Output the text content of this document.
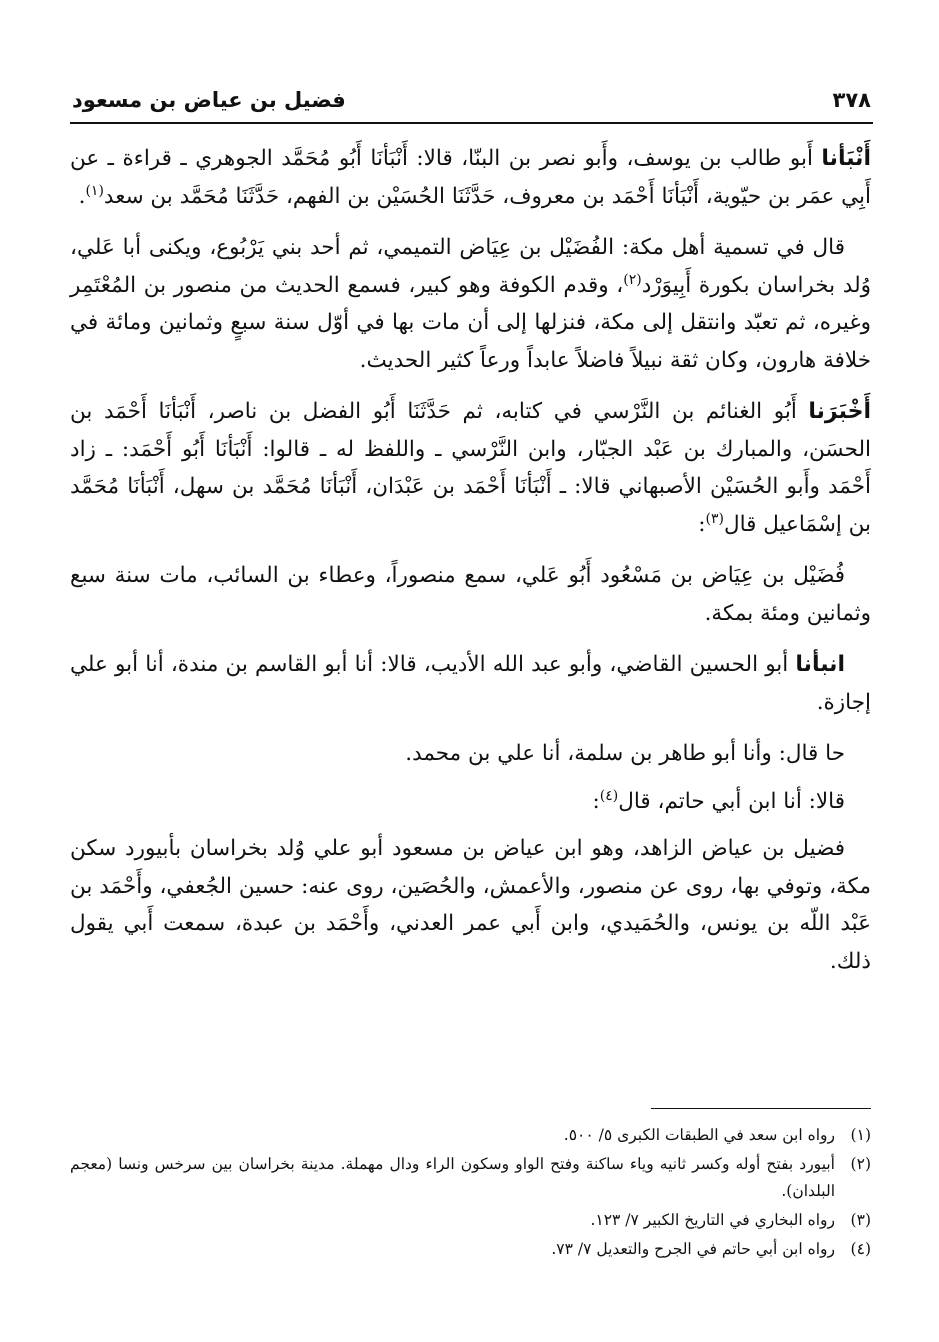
٣٧٨
فضيل بن عياض بن مسعود

أَنْبَأنا أَبو طالب بن يوسف، وأَبو نصر بن البنّا، قالا: أَنْبَأنَا أَبُو مُحَمَّد الجوهري ـ قراءة ـ عن أَبِي عمَر بن حيّوية، أَنْبَأنَا أَحْمَد بن معروف، حَدَّثَنَا الحُسَيْن بن الفهم، حَدَّثَنَا مُحَمَّد بن سعد$^{(١)}$.

قال في تسمية أهل مكة: الفُضَيْل بن عِيَاض التميمي، ثم أحد بني يَرْبُوع، ويكنى أبا عَلي، وُلد بخراسان بكورة أَبِيوَرْد$^{(٢)}$، وقدم الكوفة وهو كبير، فسمع الحديث من منصور بن المُعْتَمِر وغيره، ثم تعبّد وانتقل إلى مكة، فنزلها إلى أن مات بها في أوّل سنة سبعٍ وثمانين ومائة في خلافة هارون، وكان ثقة نبيلاً فاضلاً عابداً ورعاً كثير الحديث.

أَخْبَرَنا أَبُو الغنائم بن النَّرْسي في كتابه، ثم حَدَّثَنَا أَبُو الفضل بن ناصر، أَنْبَأنَا أَحْمَد بن الحسَن، والمبارك بن عَبْد الجبّار، وابن النَّرْسي ـ واللفظ له ـ قالوا: أَنْبَأنَا أَبُو أَحْمَد: ـ زاد أَحْمَد وأَبو الحُسَيْن الأصبهاني قالا: ـ أَنْبَأنَا أَحْمَد بن عَبْدَان، أَنْبَأنَا مُحَمَّد بن سهل، أَنْبَأنَا مُحَمَّد بن إسْمَاعيل قال$^{(٣)}$:

فُضَيْل بن عِيَاض بن مَسْعُود أَبُو عَلي، سمع منصوراً، وعطاء بن السائب، مات سنة سبع وثمانين ومئة بمكة.

انبأنا أبو الحسين القاضي، وأبو عبد الله الأديب، قالا: أنا أبو القاسم بن مندة، أنا أبو علي إجازة.

حا قال: وأنا أبو طاهر بن سلمة، أنا علي بن محمد.

قالا: أنا ابن أبي حاتم، قال$^{(٤)}$:

فضيل بن عياض الزاهد، وهو ابن عياض بن مسعود أبو علي وُلد بخراسان بأبيورد سكن مكة، وتوفي بها، روى عن منصور، والأعمش، والحُصَين، روى عنه: حسين الجُعفي، وأَحْمَد بن عَبْد اللّه بن يونس، والحُمَيدي، وابن أَبي عمر العدني، وأَحْمَد بن عبدة، سمعت أَبي يقول ذلك.

(١)
رواه ابن سعد في الطبقات الكبرى ٥/ ٥٠٠.
(٢)
أبيورد بفتح أوله وكسر ثانيه وياء ساكنة وفتح الواو وسكون الراء ودال مهملة. مدينة بخراسان بين سرخس ونسا (معجم البلدان).
(٣)
رواه البخاري في التاريخ الكبير ٧/ ١٢٣.
(٤)
رواه ابن أبي حاتم في الجرح والتعديل ٧/ ٧٣.
